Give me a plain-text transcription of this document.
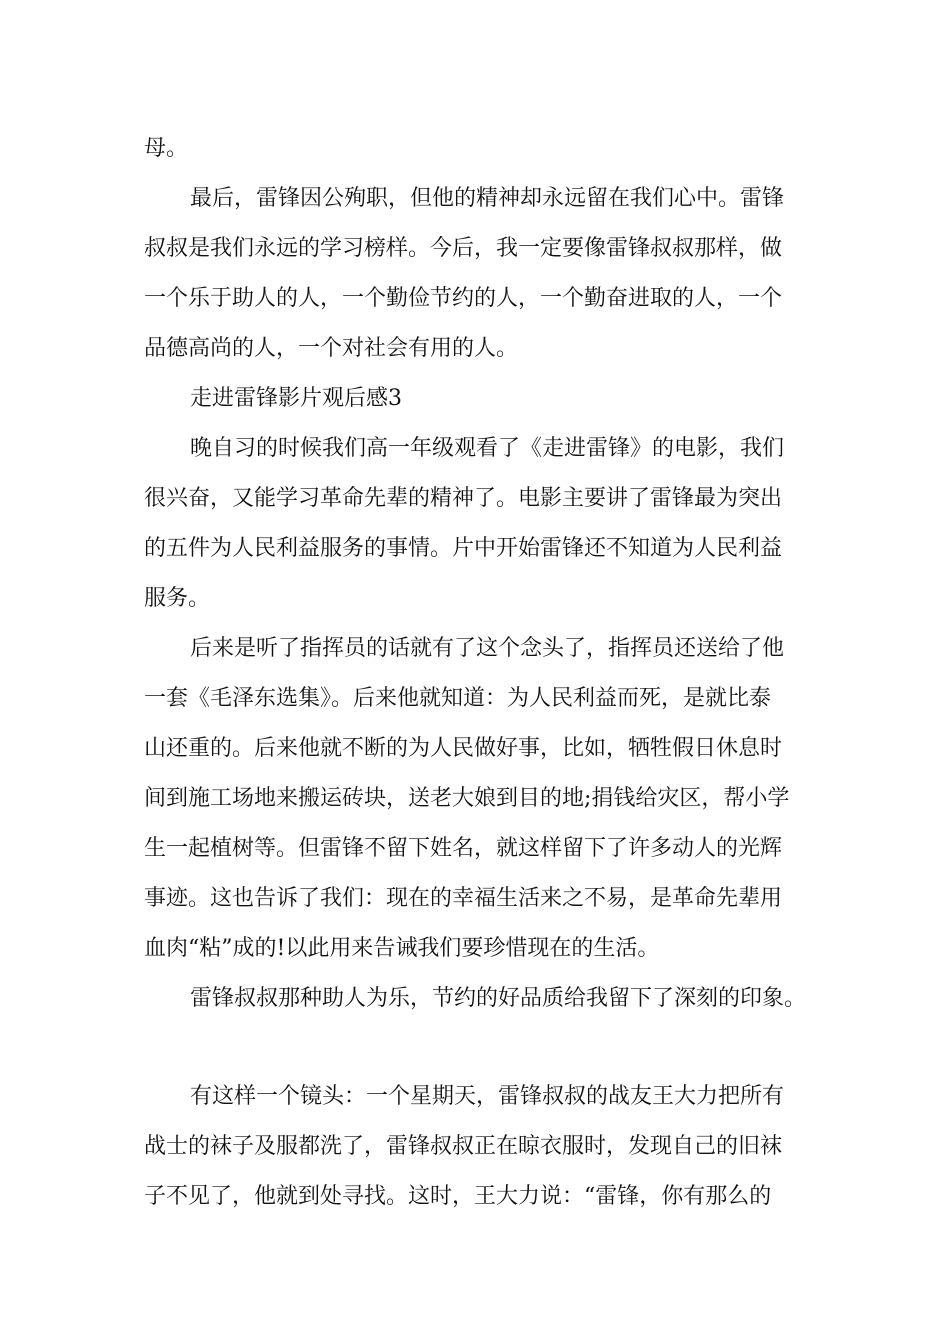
母。

最后，雷锋因公殉职，但他的精神却永远留在我们心中。雷锋

叔叔是我们永远的学习榜样。今后，我一定要像雷锋叔叔那样，做

一个乐于助人的人，一个勤俭节约的人，一个勤奋进取的人，一个

品德高尚的人，一个对社会有用的人。

走进雷锋影片观后感3

晚自习的时候我们高一年级观看了《走进雷锋》的电影，我们

很兴奋，又能学习革命先辈的精神了。电影主要讲了雷锋最为突出

的五件为人民利益服务的事情。片中开始雷锋还不知道为人民利益

服务。

后来是听了指挥员的话就有了这个念头了，指挥员还送给了他

一套《毛泽东选集》。后来他就知道：为人民利益而死，是就比泰

山还重的。后来他就不断的为人民做好事，比如，牺牲假日休息时

间到施工场地来搬运砖块，送老大娘到目的地;捐钱给灾区，帮小学

生一起植树等。但雷锋不留下姓名，就这样留下了许多动人的光辉

事迹。这也告诉了我们：现在的幸福生活来之不易，是革命先辈用

血肉“粘”成的!以此用来告诫我们要珍惜现在的生活。

雷锋叔叔那种助人为乐，节约的好品质给我留下了深刻的印象。

有这样一个镜头：一个星期天，雷锋叔叔的战友王大力把所有

战士的袜子及服都洗了，雷锋叔叔正在晾衣服时，发现自己的旧袜

子不见了，他就到处寻找。这时，王大力说：“雷锋，你有那么的
